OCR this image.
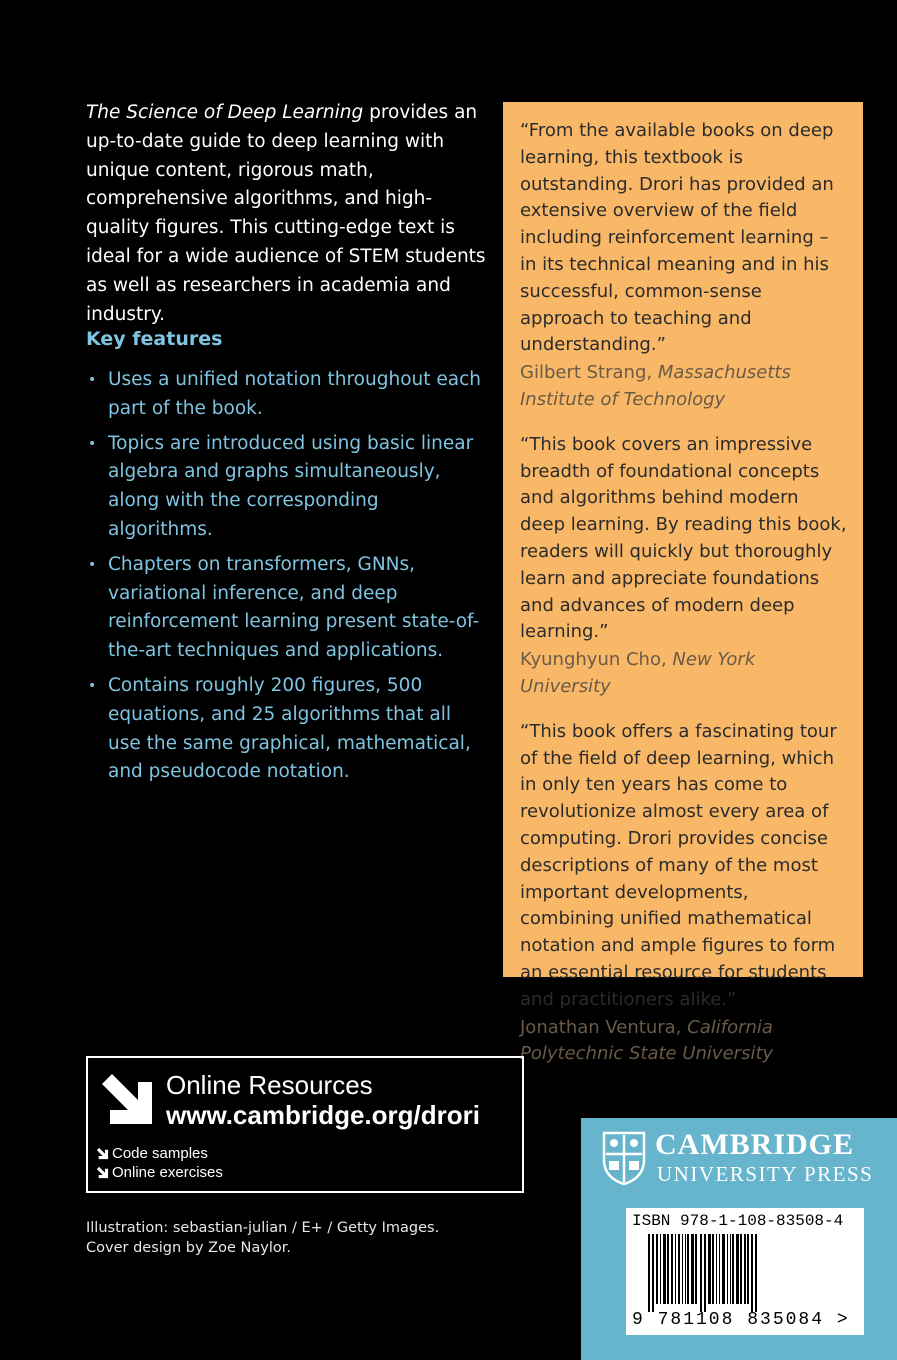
The Science of Deep Learning provides an up-to-date guide to deep learning with unique content, rigorous math, comprehensive algorithms, and high-quality figures. This cutting-edge text is ideal for a wide audience of STEM students as well as researchers in academia and industry.
Key features
• Uses a unified notation throughout each part of the book.
• Topics are introduced using basic linear algebra and graphs simultaneously, along with the corresponding algorithms.
• Chapters on transformers, GNNs, variational inference, and deep reinforcement learning present state-of-the-art techniques and applications.
• Contains roughly 200 figures, 500 equations, and 25 algorithms that all use the same graphical, mathematical, and pseudocode notation.
“From the available books on deep learning, this textbook is outstanding. Drori has provided an extensive overview of the field including reinforcement learning – in its technical meaning and in his successful, common-sense approach to teaching and understanding.”
Gilbert Strang, Massachusetts Institute of Technology
“This book covers an impressive breadth of foundational concepts and algorithms behind modern deep learning. By reading this book, readers will quickly but thoroughly learn and appreciate foundations and advances of modern deep learning.”
Kyunghyun Cho, New York University
“This book offers a fascinating tour of the field of deep learning, which in only ten years has come to revolutionize almost every area of computing. Drori provides concise descriptions of many of the most important developments, combining unified mathematical notation and ample figures to form an essential resource for students and practitioners alike.”
Jonathan Ventura, California Polytechnic State University
Online Resources
www.cambridge.org/drori
Code samples
Online exercises
Illustration: sebastian-julian / E+ / Getty Images.
Cover design by Zoe Naylor.
CAMBRIDGE
UNIVERSITY PRESS
ISBN 978-1-108-83508-4
9 781108 835084 >
